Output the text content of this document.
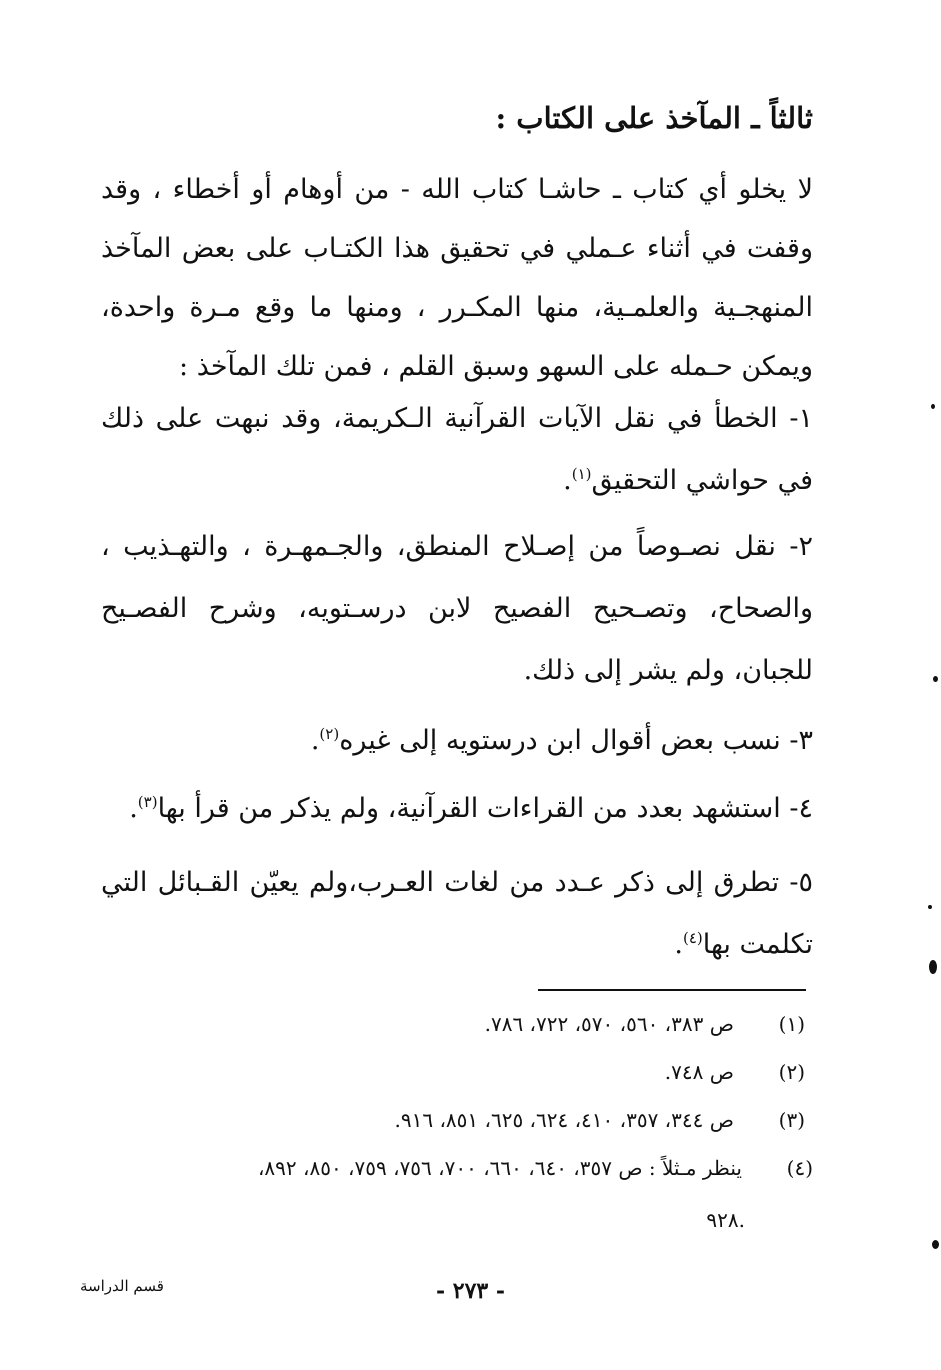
ثالثاً ـ المآخذ على الكتاب :
لا يخلو أي كتاب ـ حاشـا كتاب الله - من أوهام أو أخطاء ، وقد وقفت في أثناء عـملي في تحقيق هذا الكتـاب على بعض المآخذ المنهجـية والعلمـية، منها المكـرر ، ومنها ما وقع مـرة واحدة، ويمكن حـمله على السهو وسبق القلم ، فمن تلك المآخذ :
١- الخطأ في نقل الآيات القرآنية الـكريمة، وقد نبهت على ذلك في حواشي التحقيق$^{(١)}$.
٢- نقل نصـوصاً من إصـلاح المنطق، والجـمهـرة ، والتهـذيب ، والصحاح، وتصـحيح الفصيح لابن درسـتويه، وشرح الفصـيح للجبان، ولم يشر إلى ذلك.
٣- نسب بعض أقوال ابن درستويه إلى غيره$^{(٢)}$.
٤- استشهد بعدد من القراءات القرآنية، ولم يذكر من قرأ بها$^{(٣)}$.
٥- تطرق إلى ذكر عـدد من لغات العـرب،ولم يعيّن القـبائل التي تكلمت بها$^{(٤)}$.
(١)   ص ٣٨٣، ٥٦٠، ٥٧٠، ٧٢٢، ٧٨٦.
(٢)   ص ٧٤٨.
(٣)   ص ٣٤٤، ٣٥٧، ٤١٠، ٦٢٤، ٦٢٥، ٨٥١، ٩١٦.
(٤)   ينظر مـثلاً : ص ٣٥٧، ٦٤٠، ٦٦٠، ٧٠٠، ٧٥٦، ٧٥٩، ٨٥٠، ٨٩٢،
٩٢٨.
قسم الدراسة	- ٢٧٣ -
